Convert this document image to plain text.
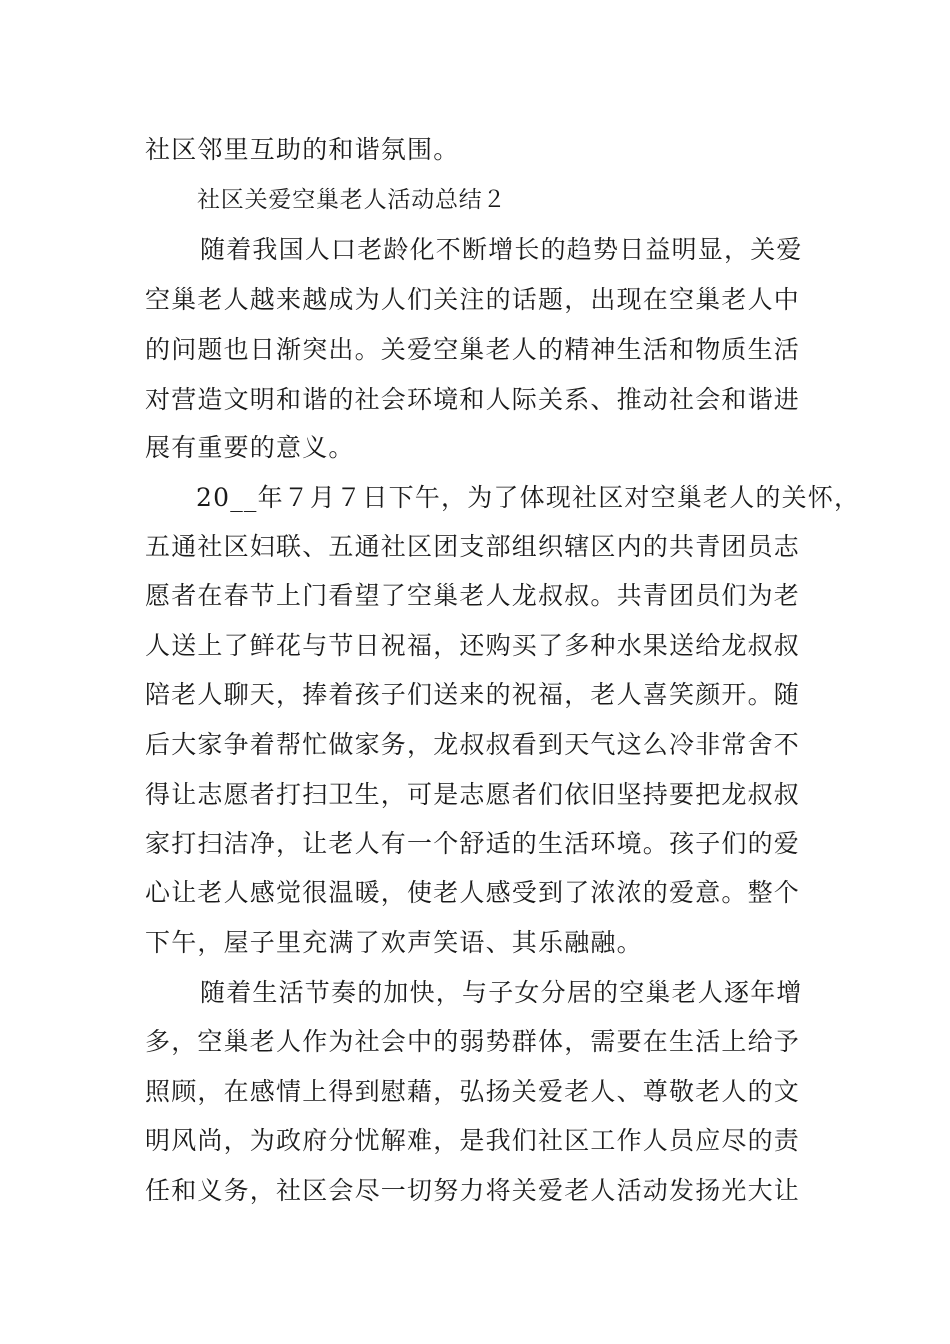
社区邻里互助的和谐氛围。
社区关爱空巢老人活动总结２
随着我国人口老龄化不断增长的趋势日益明显，关爱
空巢老人越来越成为人们关注的话题，出现在空巢老人中
的问题也日渐突出。关爱空巢老人的精神生活和物质生活
对营造文明和谐的社会环境和人际关系、推动社会和谐进
展有重要的意义。
20__年７月７日下午，为了体现社区对空巢老人的关怀，
五通社区妇联、五通社区团支部组织辖区内的共青团员志
愿者在春节上门看望了空巢老人龙叔叔。共青团员们为老
人送上了鲜花与节日祝福，还购买了多种水果送给龙叔叔
陪老人聊天，捧着孩子们送来的祝福，老人喜笑颜开。随
后大家争着帮忙做家务，龙叔叔看到天气这么冷非常舍不
得让志愿者打扫卫生，可是志愿者们依旧坚持要把龙叔叔
家打扫洁净，让老人有一个舒适的生活环境。孩子们的爱
心让老人感觉很温暖，使老人感受到了浓浓的爱意。整个
下午，屋子里充满了欢声笑语、其乐融融。
随着生活节奏的加快，与子女分居的空巢老人逐年增
多，空巢老人作为社会中的弱势群体，需要在生活上给予
照顾，在感情上得到慰藉，弘扬关爱老人、尊敬老人的文
明风尚，为政府分忧解难，是我们社区工作人员应尽的责
任和义务，社区会尽一切努力将关爱老人活动发扬光大让
